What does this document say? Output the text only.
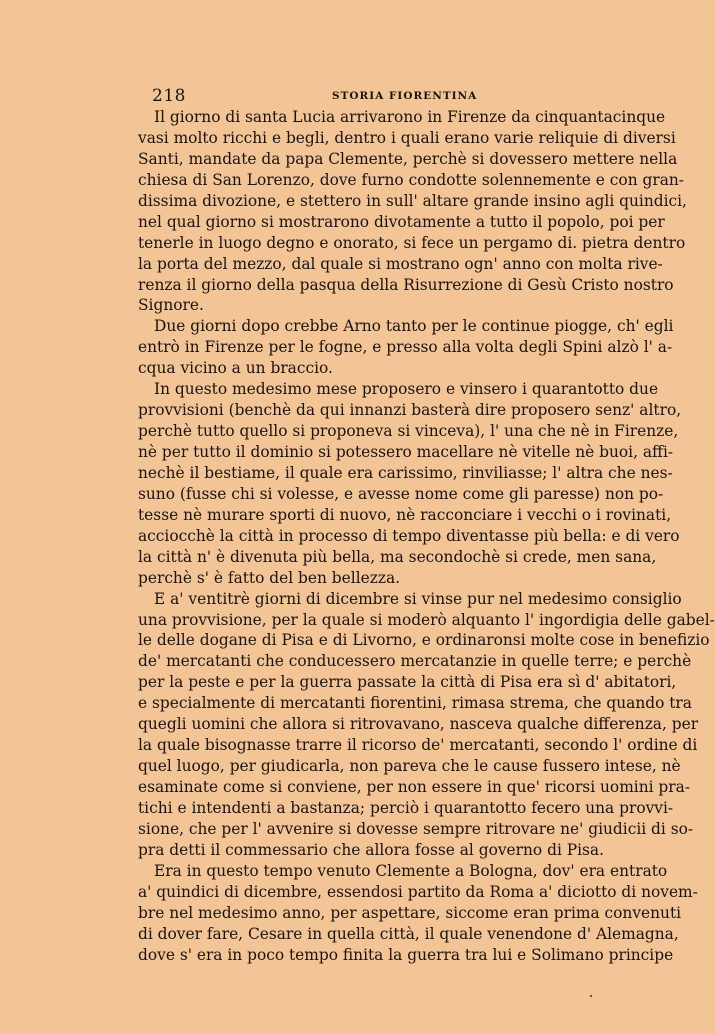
218	STORIA FIORENTINA
Il giorno di santa Lucia arrivarono in Firenze da cinquantacinque
vasi molto ricchi e begli, dentro i quali erano varie reliquie di diversi
Santi, mandate da papa Clemente, perchè si dovessero mettere nella
chiesa di San Lorenzo, dove furno condotte solennemente e con gran-
dissima divozione, e stettero in sull' altare grande insino agli quindici,
nel qual giorno si mostrarono divotamente a tutto il popolo, poi per
tenerle in luogo degno e onorato, si fece un pergamo di. pietra dentro
la porta del mezzo, dal quale si mostrano ogn' anno con molta rive-
renza il giorno della pasqua della Risurrezione di Gesù Cristo nostro
Signore.
Due giorni dopo crebbe Arno tanto per le continue piogge, ch' egli
entrò in Firenze per le fogne, e presso alla volta degli Spini alzò l' a-
cqua vicino a un braccio.
In questo medesimo mese proposero e vinsero i quarantotto due
provvisioni (benchè da qui innanzi basterà dire proposero senz' altro,
perchè tutto quello si proponeva si vinceva), l' una che nè in Firenze,
nè per tutto il dominio si potessero macellare nè vitelle nè buoi, affi-
nechè il bestiame, il quale era carissimo, rinviliasse; l' altra che nes-
suno (fusse chi si volesse, e avesse nome come gli paresse) non po-
tesse nè murare sporti di nuovo, nè racconciare i vecchi o i rovinati,
acciocchè la città in processo di tempo diventasse più bella: e di vero
la città n' è divenuta più bella, ma secondochè si crede, men sana,
perchè s' è fatto del ben bellezza.
E a' ventitrè giorni di dicembre si vinse pur nel medesimo consiglio
una provvisione, per la quale si moderò alquanto l' ingordigia delle gabel-
le delle dogane di Pisa e di Livorno, e ordinaronsi molte cose in benefizio
de' mercatanti che conducessero mercatanzie in quelle terre; e perchè
per la peste e per la guerra passate la città di Pisa era sì d' abitatori,
e specialmente di mercatanti fiorentini, rimasa strema, che quando tra
quegli uomini che allora si ritrovavano, nasceva qualche differenza, per
la quale bisognasse trarre il ricorso de' mercatanti, secondo l' ordine di
quel luogo, per giudicarla, non pareva che le cause fussero intese, nè
esaminate come si conviene, per non essere in que' ricorsi uomini pra-
tichi e intendenti a bastanza; perciò i quarantotto fecero una provvi-
sione, che per l' avvenire si dovesse sempre ritrovare ne' giudicii di so-
pra detti il commessario che allora fosse al governo di Pisa.
Era in questo tempo venuto Clemente a Bologna, dov' era entrato
a' quindici di dicembre, essendosi partito da Roma a' diciotto di novem-
bre nel medesimo anno, per aspettare, siccome eran prima convenuti
di dover fare, Cesare in quella città, il quale venendone d' Alemagna,
dove s' era in poco tempo finita la guerra tra lui e Solimano principe
